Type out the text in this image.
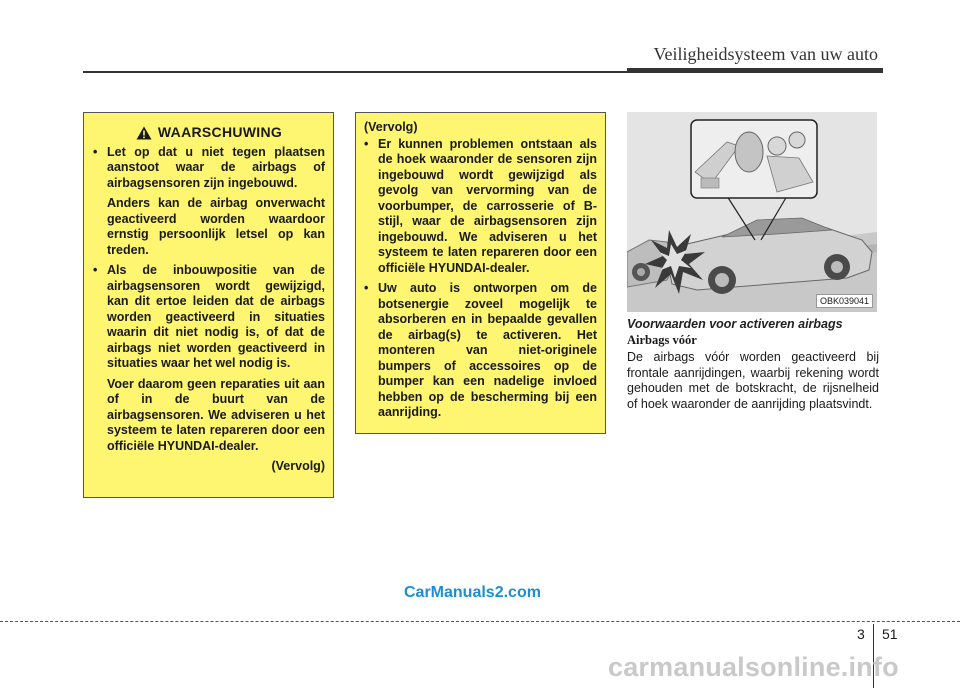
Veiligheidsysteem van uw auto
WAARSCHUWING
• Let op dat u niet tegen plaatsen aanstoot waar de airbags of airbagsensoren zijn ingebouwd.

Anders kan de airbag onverwacht geactiveerd worden waardoor ernstig persoonlijk letsel op kan treden.

• Als de inbouwpositie van de airbagsensoren wordt gewijzigd, kan dit ertoe leiden dat de airbags worden geactiveerd in situaties waarin dit niet nodig is, of dat de airbags niet worden geactiveerd in situaties waar het wel nodig is.

Voer daarom geen reparaties uit aan of in de buurt van de airbagsensoren. We adviseren u het systeem te laten repareren door een officiële HYUNDAI-dealer.

(Vervolg)
(Vervolg)
• Er kunnen problemen ontstaan als de hoek waaronder de sensoren zijn ingebouwd wordt gewijzigd als gevolg van vervorming van de voorbumper, de carrosserie of B-stijl, waar de airbagsensoren zijn ingebouwd. We adviseren u het systeem te laten repareren door een officiële HYUNDAI-dealer.

• Uw auto is ontworpen om de botsenergie zoveel mogelijk te absorberen en in bepaalde gevallen de airbag(s) te activeren. Het monteren van niet-originele bumpers of accessoires op de bumper kan een nadelige invloed hebben op de bescherming bij een aanrijding.

OBK039041
Voorwaarden voor activeren airbags
Airbags vóór
De airbags vóór worden geactiveerd bij frontale aanrijdingen, waarbij rekening wordt gehouden met de botskracht, de rijsnelheid of hoek waaronder de aanrijding plaatsvindt.
CarManuals2.com
3 51
carmanualsonline.info
